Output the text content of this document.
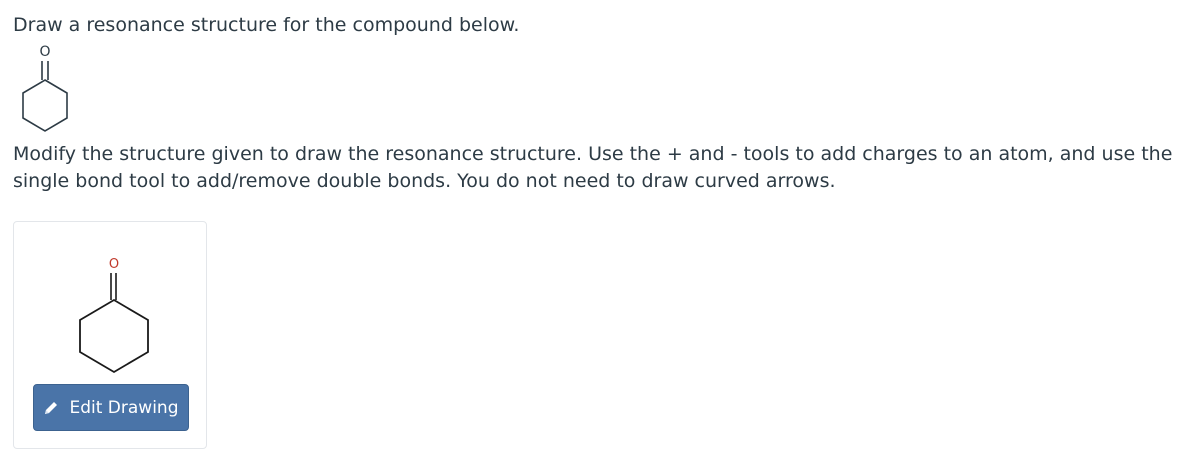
Draw a resonance structure for the compound below.

O

Modify the structure given to draw the resonance structure. Use the + and - tools to add charges to an atom, and use the single bond tool to add/remove double bonds. You do not need to draw curved arrows.

O
Edit Drawing
